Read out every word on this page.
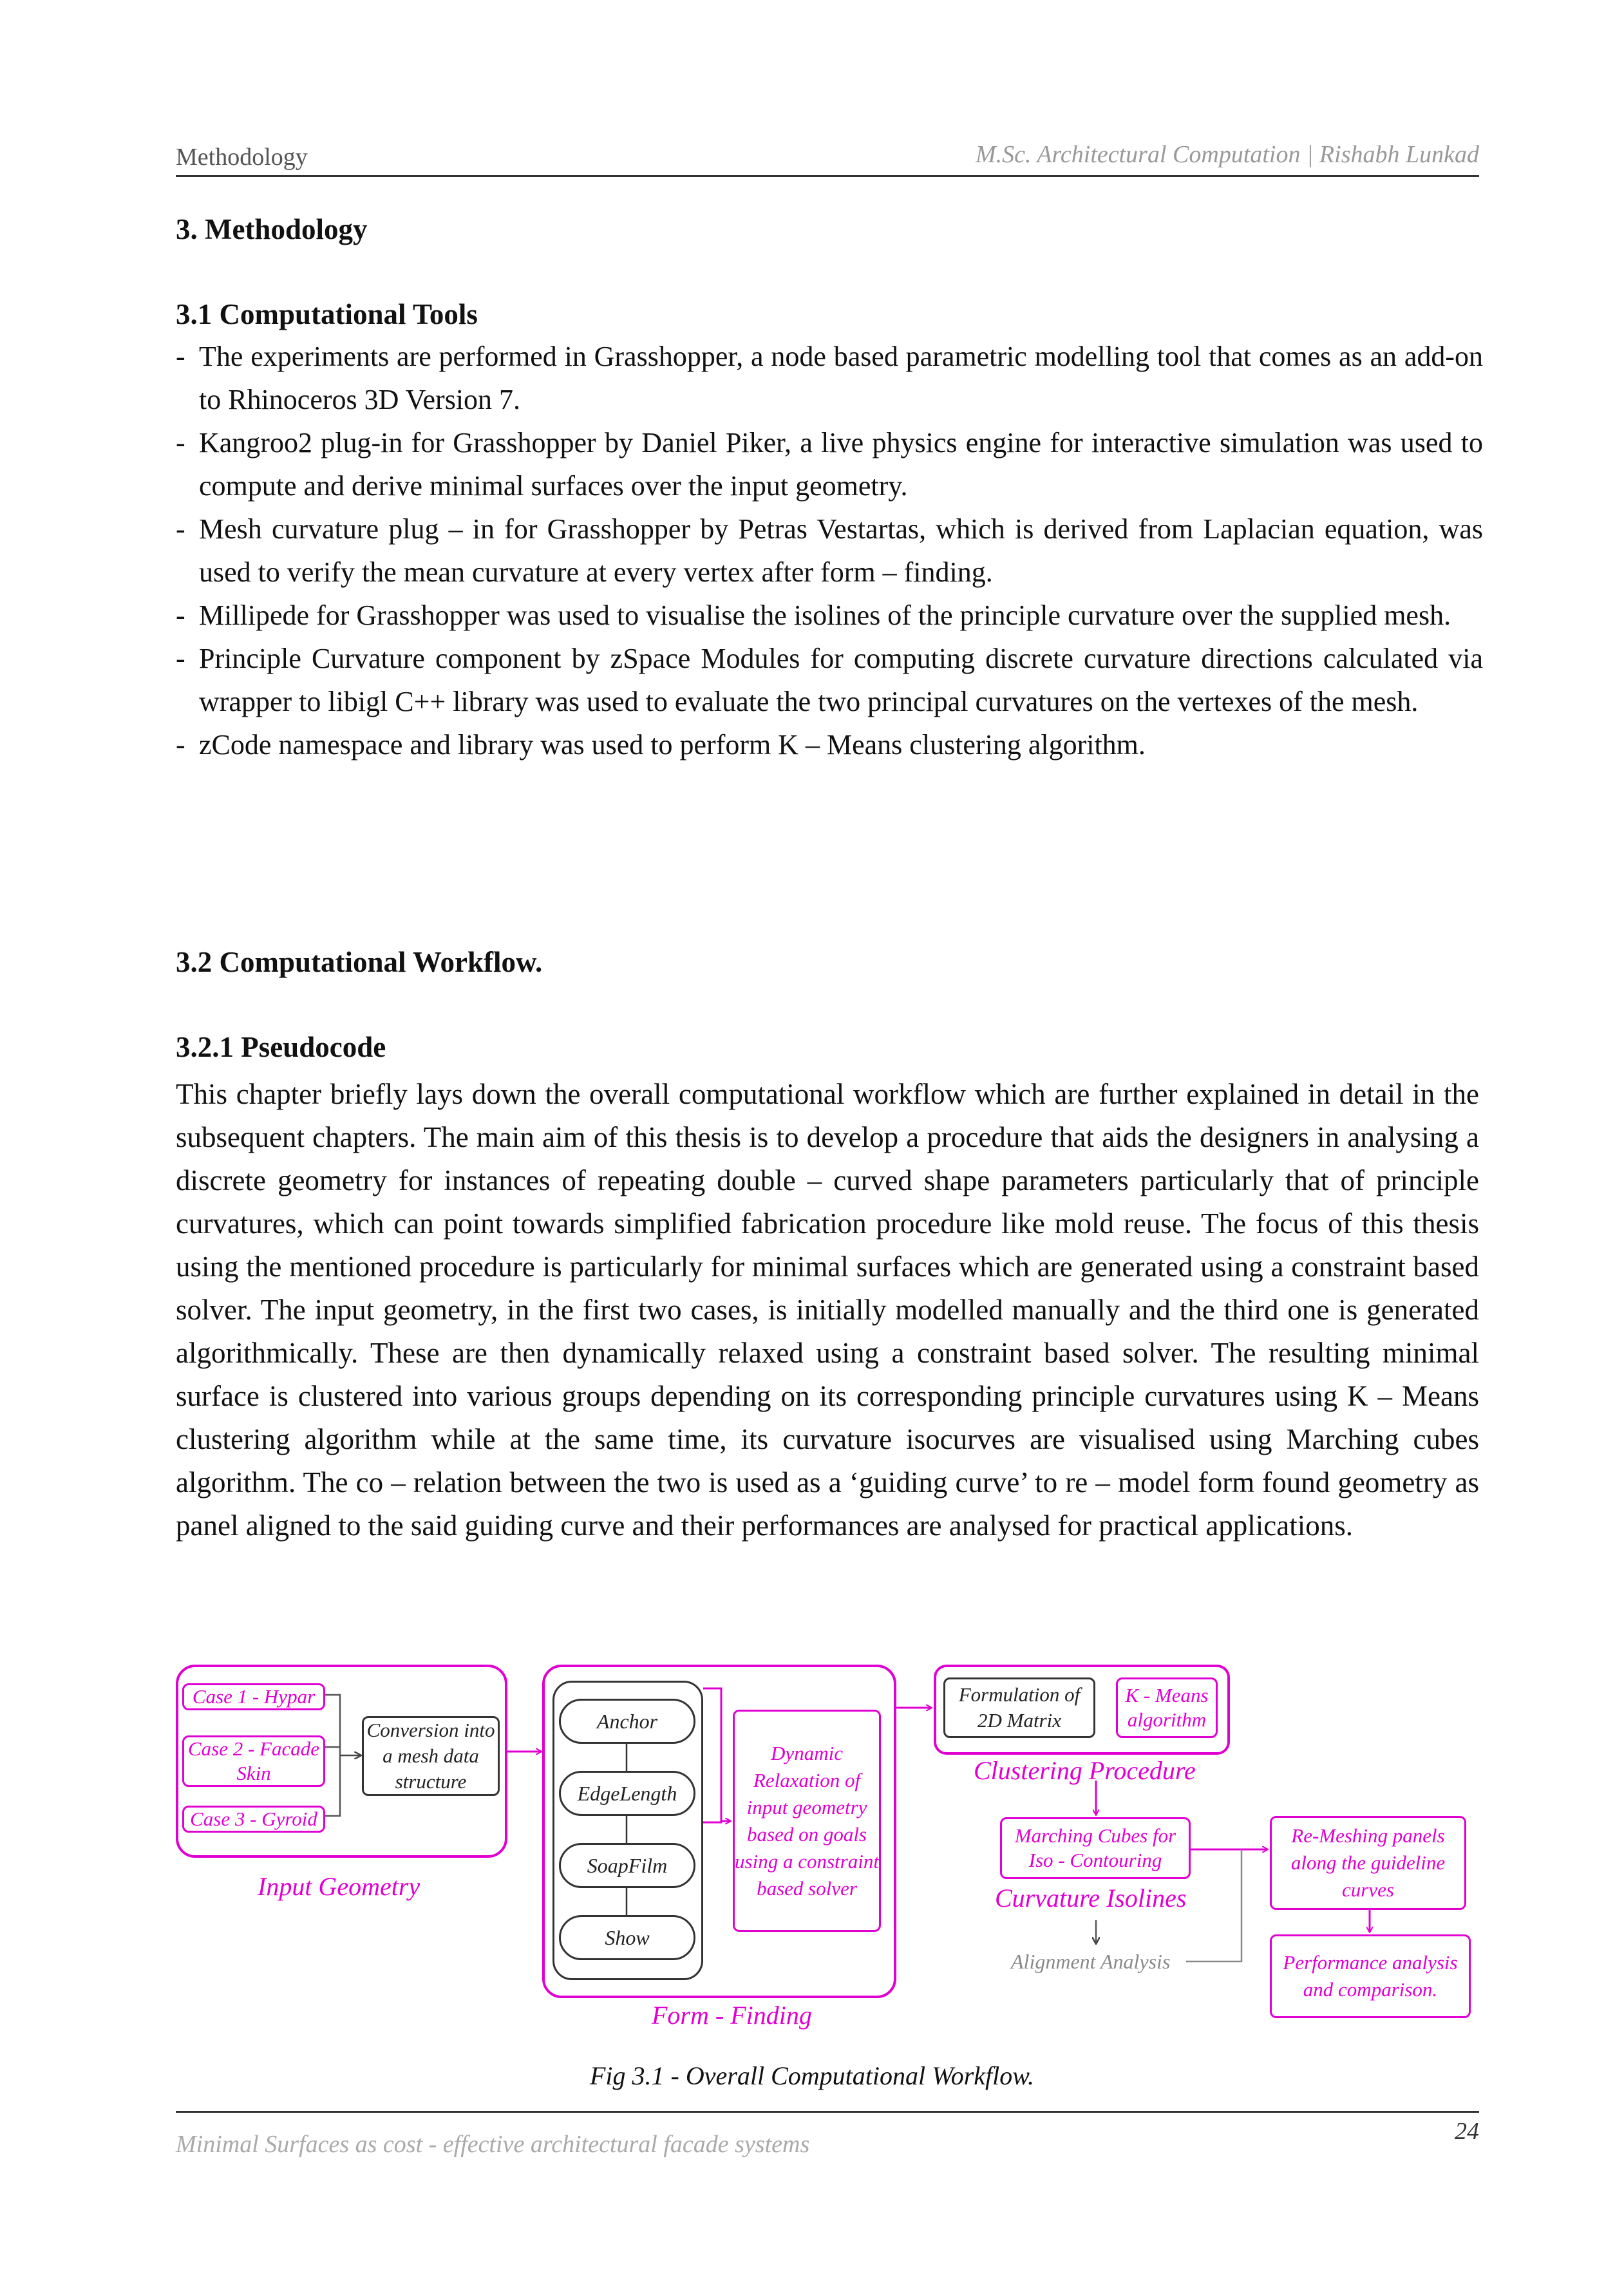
Methodology	M.Sc. Architectural Computation | Rishabh Lunkad
3. Methodology
3.1 Computational Tools
- The experiments are performed in Grasshopper, a node based parametric modelling tool that comes as an add-on to Rhinoceros 3D Version 7.
- Kangroo2 plug-in for Grasshopper by Daniel Piker, a live physics engine for interactive simulation was used to compute and derive minimal surfaces over the input geometry.
- Mesh curvature plug – in for Grasshopper by Petras Vestartas, which is derived from Laplacian equation, was used to verify the mean curvature at every vertex after form – finding.
- Millipede for Grasshopper was used to visualise the isolines of the principle curvature over the supplied mesh.
- Principle Curvature component by zSpace Modules for computing discrete curvature directions calculated via wrapper to libigl C++ library was used to evaluate the two principal curvatures on the vertexes of the mesh.
- zCode namespace and library was used to perform K – Means clustering algorithm.
3.2 Computational Workflow.
3.2.1 Pseudocode

This chapter briefly lays down the overall computational workflow which are further explained in detail in the subsequent chapters. The main aim of this thesis is to develop a procedure that aids the designers in analysing a discrete geometry for instances of repeating double – curved shape parameters particularly that of principle curvatures, which can point towards simplified fabrication procedure like mold reuse. The focus of this thesis using the mentioned procedure is particularly for minimal surfaces which are generated using a constraint based solver. The input geometry, in the first two cases, is initially modelled manually and the third one is generated algorithmically. These are then dynamically relaxed using a constraint based solver. The resulting minimal surface is clustered into various groups depending on its corresponding principle curvatures using K – Means clustering algorithm while at the same time, its curvature isocurves are visualised using Marching cubes algorithm. The co – relation between the two is used as a ‘guiding curve’ to re – model form found geometry as panel aligned to the said guiding curve and their performances are analysed for practical applications.

Case 1 - Hypar
Case 2 - Facade Skin
Case 3 - Gyroid
Conversion into a mesh data structure
Input Geometry
Anchor
EdgeLength
SoapFilm
Show
Dynamic Relaxation of input geometry based on goals using a constraint based solver
Form - Finding
Formulation of 2D Matrix
K - Means algorithm
Clustering Procedure
Marching Cubes for Iso - Contouring
Curvature Isolines
Alignment Analysis
Re-Meshing panels along the guideline curves
Performance analysis and comparison.
Fig 3.1 - Overall Computational Workflow.
Minimal Surfaces as cost - effective architectural facade systems	24
